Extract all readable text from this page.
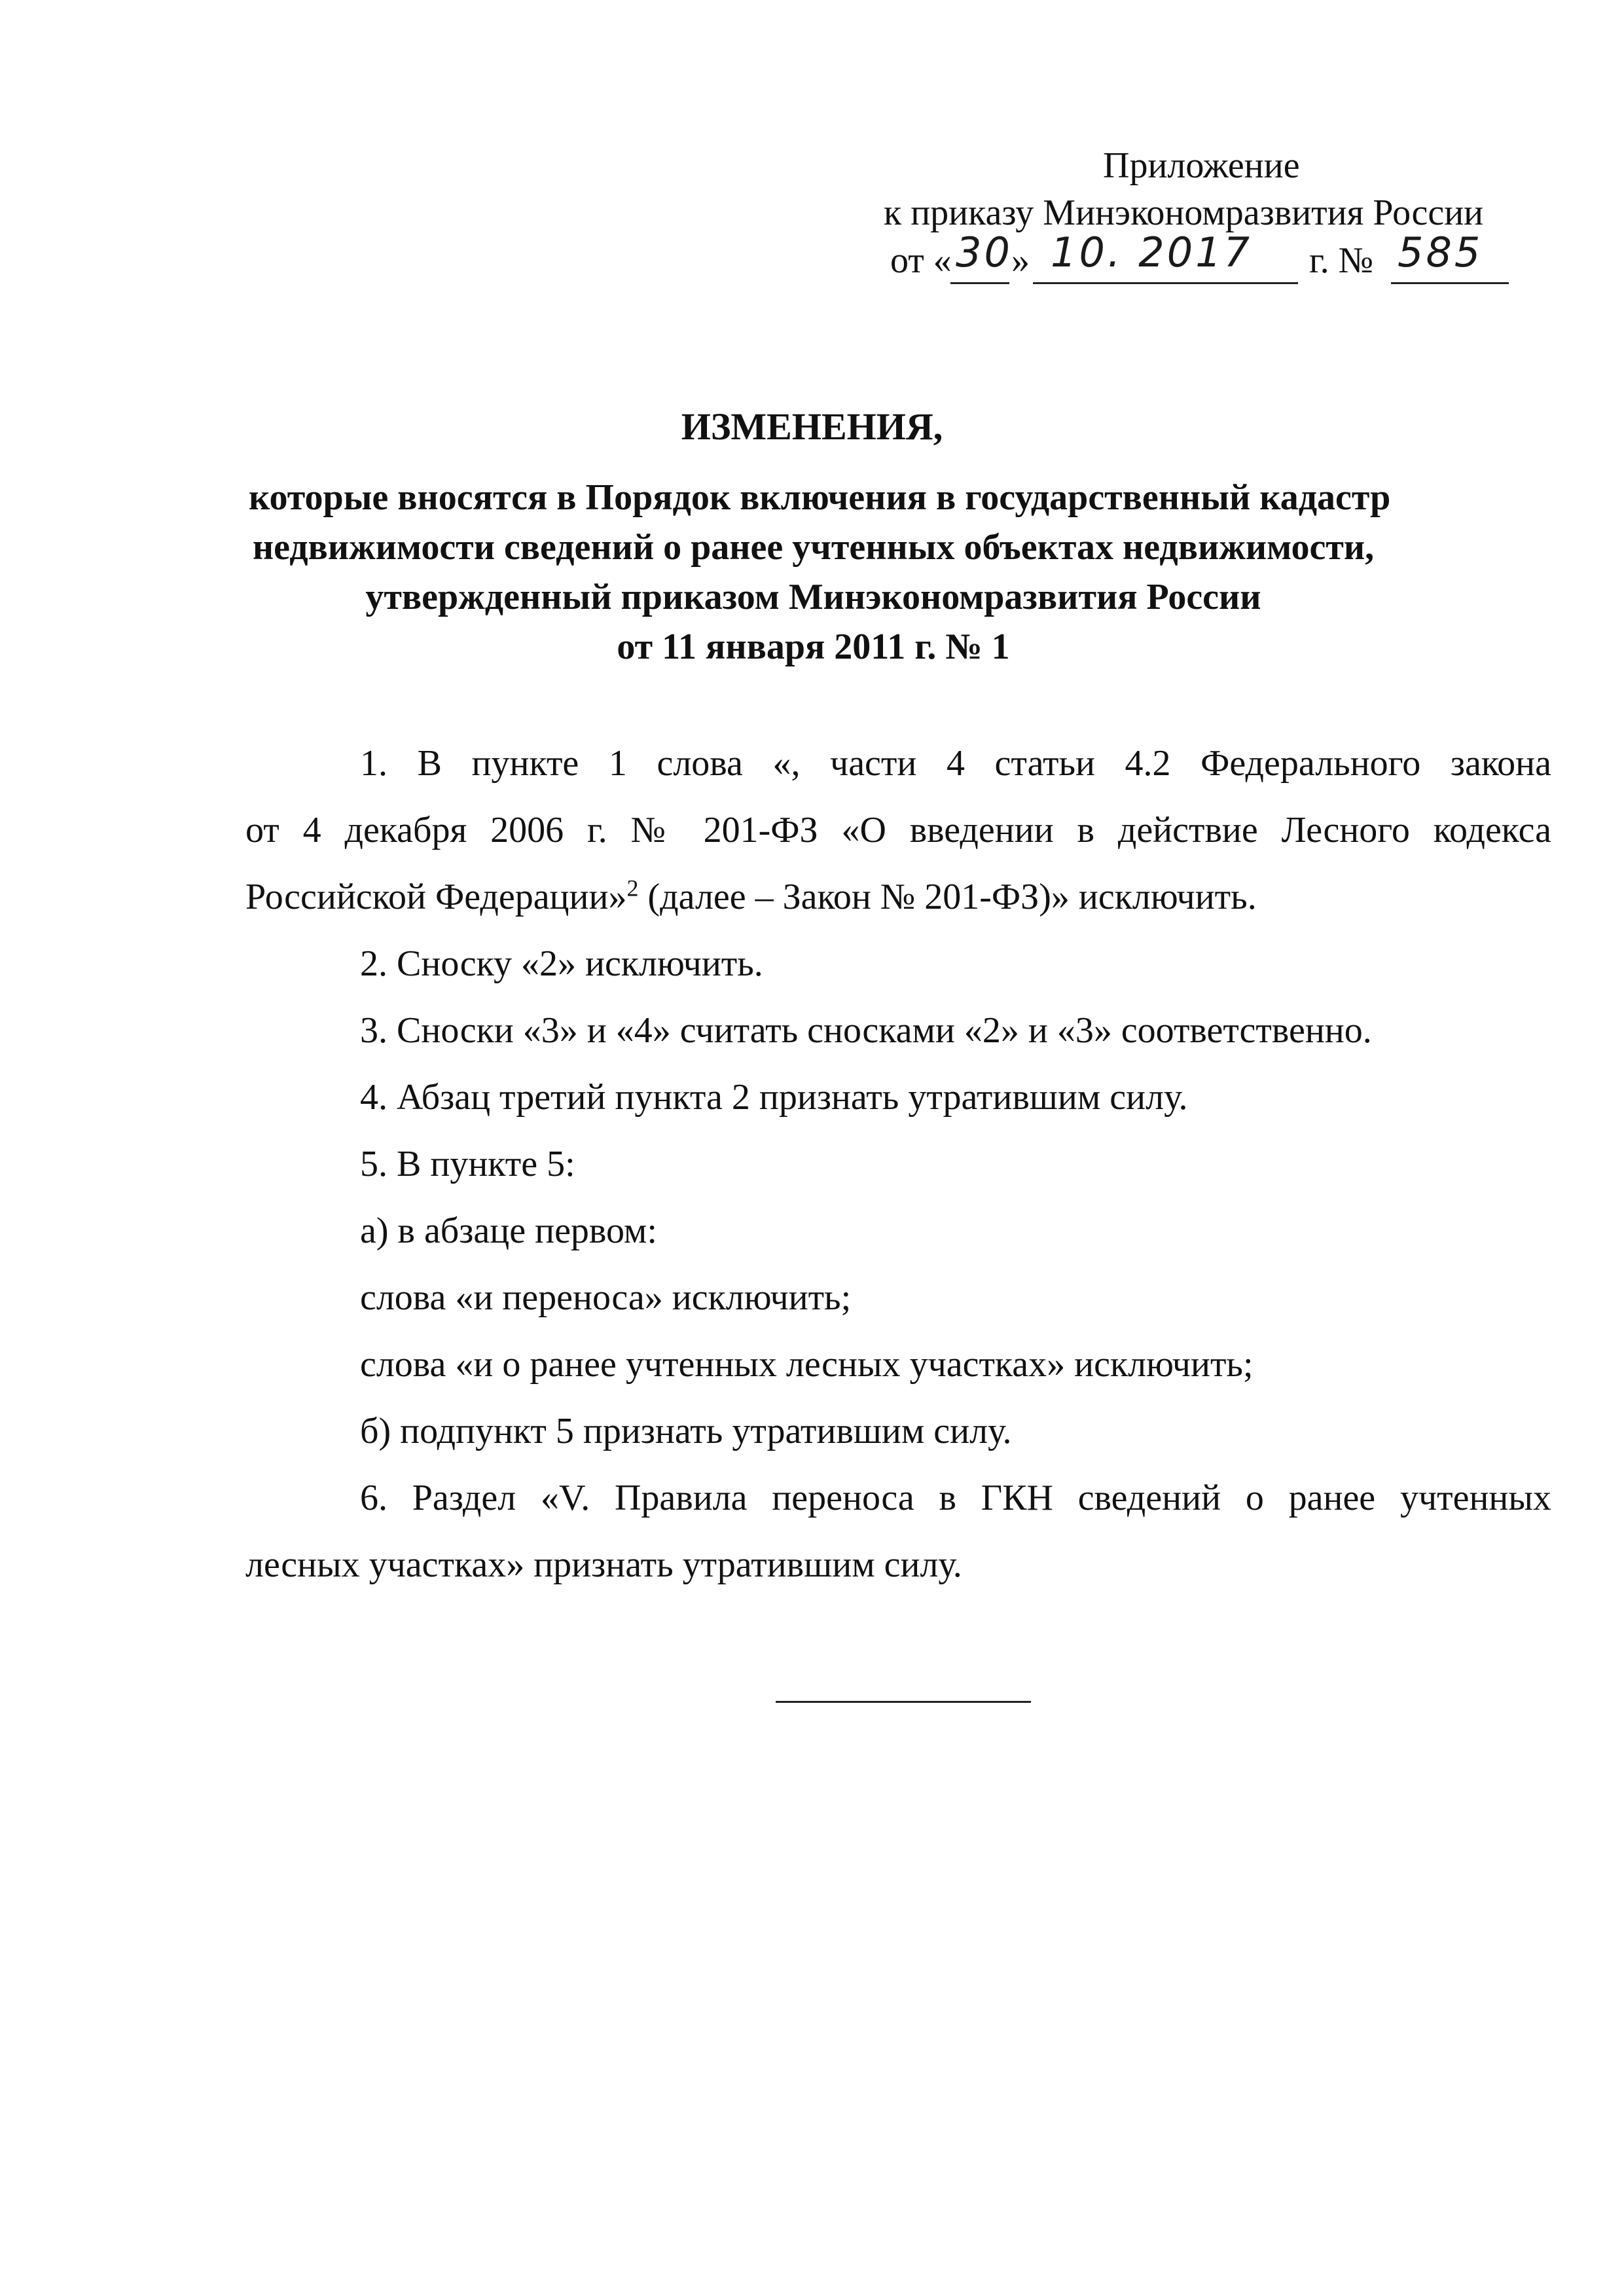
Приложение
к приказу Минэкономразвития России
от « 30
» 10. 2017 г. № 585
ИЗМЕНЕНИЯ,
которые вносятся в Порядок включения в государственный кадастр
недвижимости сведений о ранее учтенных объектах недвижимости,
утвержденный приказом Минэкономразвития России
от 11 января 2011 г. № 1

1. В пункте 1 слова «, части 4 статьи 4.2 Федерального закона

от 4 декабря 2006 г. № 201-ФЗ «О введении в действие Лесного кодекса

Российской Федерации»$^2$ (далее – Закон № 201-ФЗ)» исключить.

2. Сноску «2» исключить.

3. Сноски «3» и «4» считать сносками «2» и «3» соответственно.

4. Абзац третий пункта 2 признать утратившим силу.

5. В пункте 5:

а) в абзаце первом:

слова «и переноса» исключить;

слова «и о ранее учтенных лесных участках» исключить;

б) подпункт 5 признать утратившим силу.

6. Раздел «V. Правила переноса в ГКН сведений о ранее учтенных

лесных участках» признать утратившим силу.
